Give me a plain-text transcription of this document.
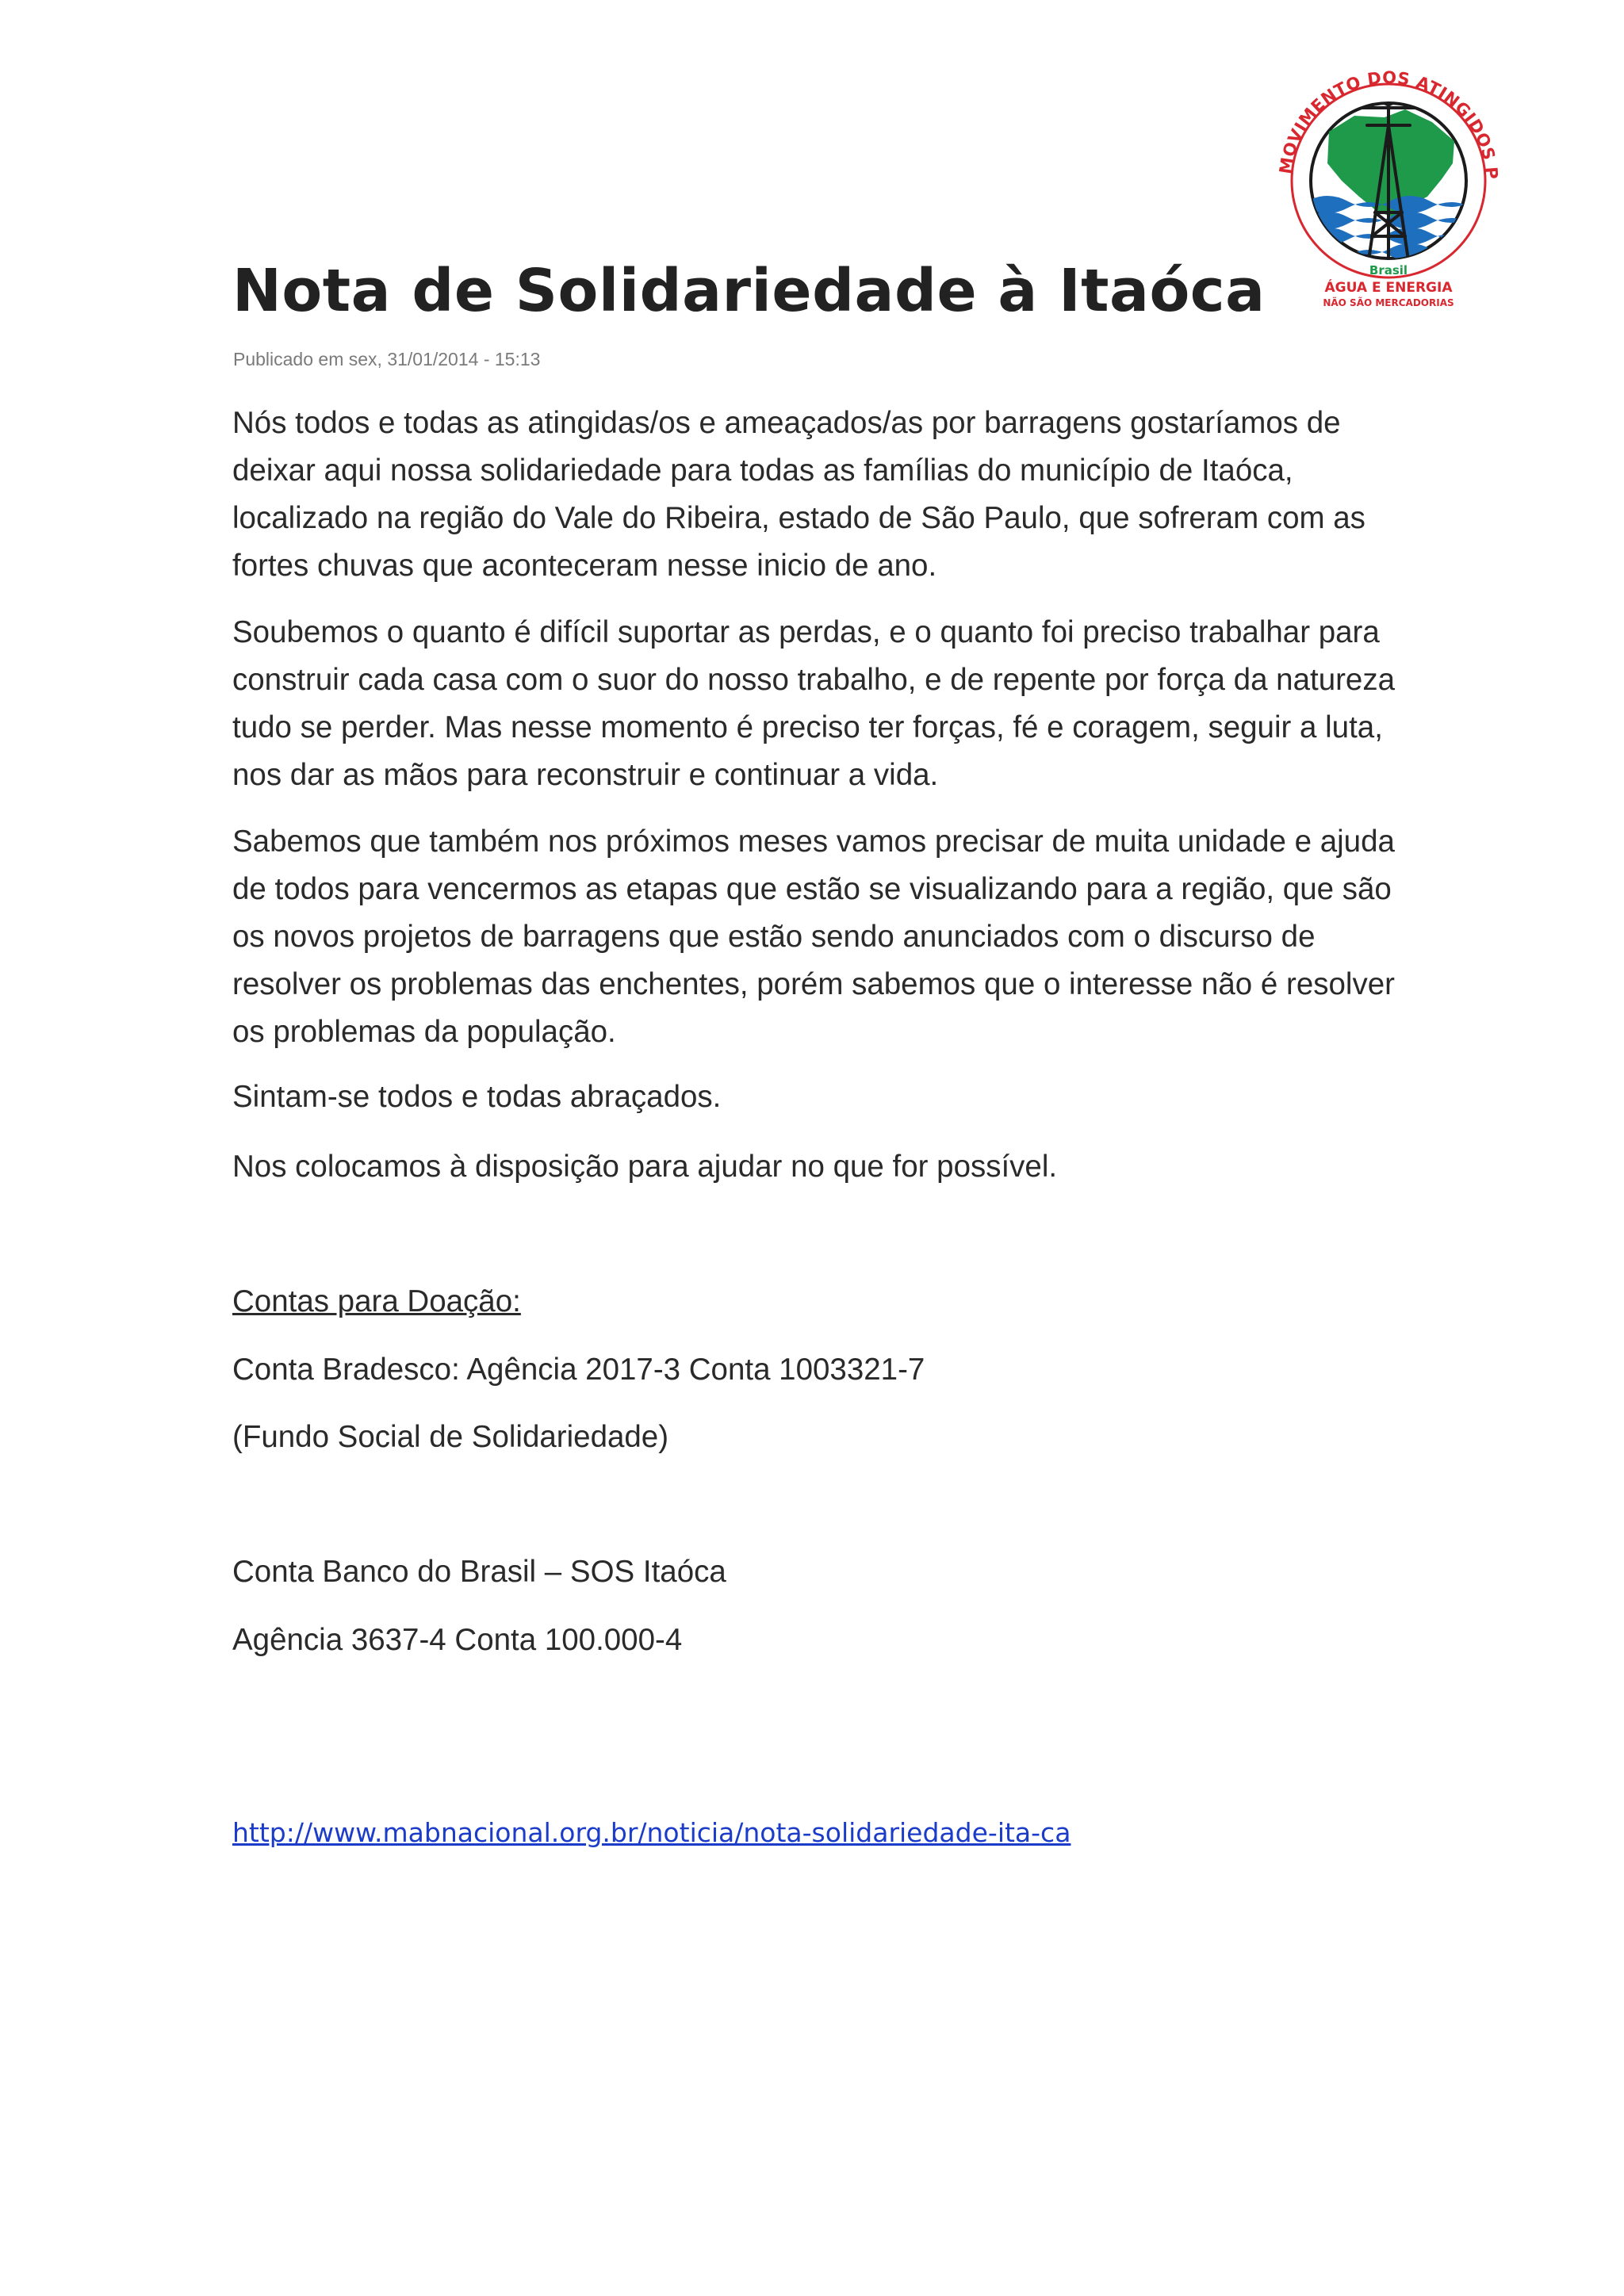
MOVIMENTO DOS ATINGIDOS P
Brasil
ÁGUA E ENERGIA
NÃO SÃO MERCADORIAS
Nota de Solidariedade à Itaóca
Publicado em sex, 31/01/2014 - 15:13

Nós todos e todas as atingidas/os e ameaçados/as por barragens gostaríamos de
deixar aqui nossa solidariedade para todas as famílias do município de Itaóca,
localizado na região do Vale do Ribeira, estado de São Paulo, que sofreram com as
fortes chuvas que aconteceram nesse inicio de ano.

Soubemos o quanto é difícil suportar as perdas, e o quanto foi preciso trabalhar para
construir cada casa com o suor do nosso trabalho, e de repente por força da natureza
tudo se perder. Mas nesse momento é preciso ter forças, fé e coragem, seguir a luta,
nos dar as mãos para reconstruir e continuar a vida.

Sabemos que também nos próximos meses vamos precisar de muita unidade e ajuda
de todos para vencermos as etapas que estão se visualizando para a região, que são
os novos projetos de barragens que estão sendo anunciados com o discurso de
resolver os problemas das enchentes, porém sabemos que o interesse não é resolver
os problemas da população.

Sintam-se todos e todas abraçados.

Nos colocamos à disposição para ajudar no que for possível.

Contas para Doação:
Conta Bradesco: Agência 2017-3 Conta 1003321-7
(Fundo Social de Solidariedade)
Conta Banco do Brasil – SOS Itaóca
Agência 3637-4 Conta 100.000-4
http://www.mabnacional.org.br/noticia/nota-solidariedade-ita-ca
